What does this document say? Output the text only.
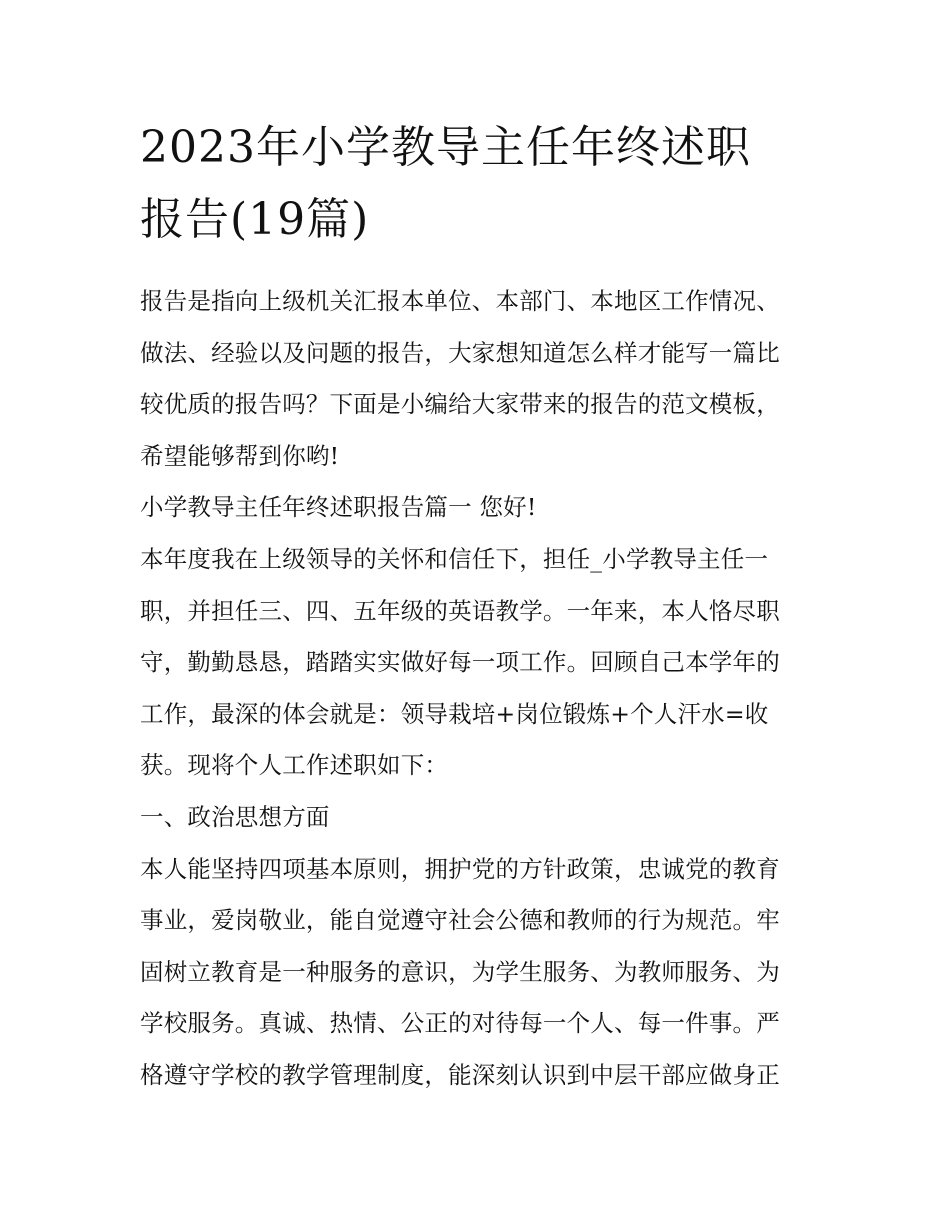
2023年小学教导主任年终述职
报告(19篇)
报告是指向上级机关汇报本单位、本部门、本地区工作情况、
做法、经验以及问题的报告，大家想知道怎么样才能写一篇比
较优质的报告吗？下面是小编给大家带来的报告的范文模板，
希望能够帮到你哟!
小学教导主任年终述职报告篇一 您好!
本年度我在上级领导的关怀和信任下，担任_小学教导主任一
职，并担任三、四、五年级的英语教学。一年来，本人恪尽职
守，勤勤恳恳，踏踏实实做好每一项工作。回顾自己本学年的
工作，最深的体会就是：领导栽培+岗位锻炼+个人汗水=收
获。现将个人工作述职如下：
一、政治思想方面
本人能坚持四项基本原则，拥护党的方针政策，忠诚党的教育
事业，爱岗敬业，能自觉遵守社会公德和教师的行为规范。牢
固树立教育是一种服务的意识，为学生服务、为教师服务、为
学校服务。真诚、热情、公正的对待每一个人、每一件事。严
格遵守学校的教学管理制度，能深刻认识到中层干部应做身正
